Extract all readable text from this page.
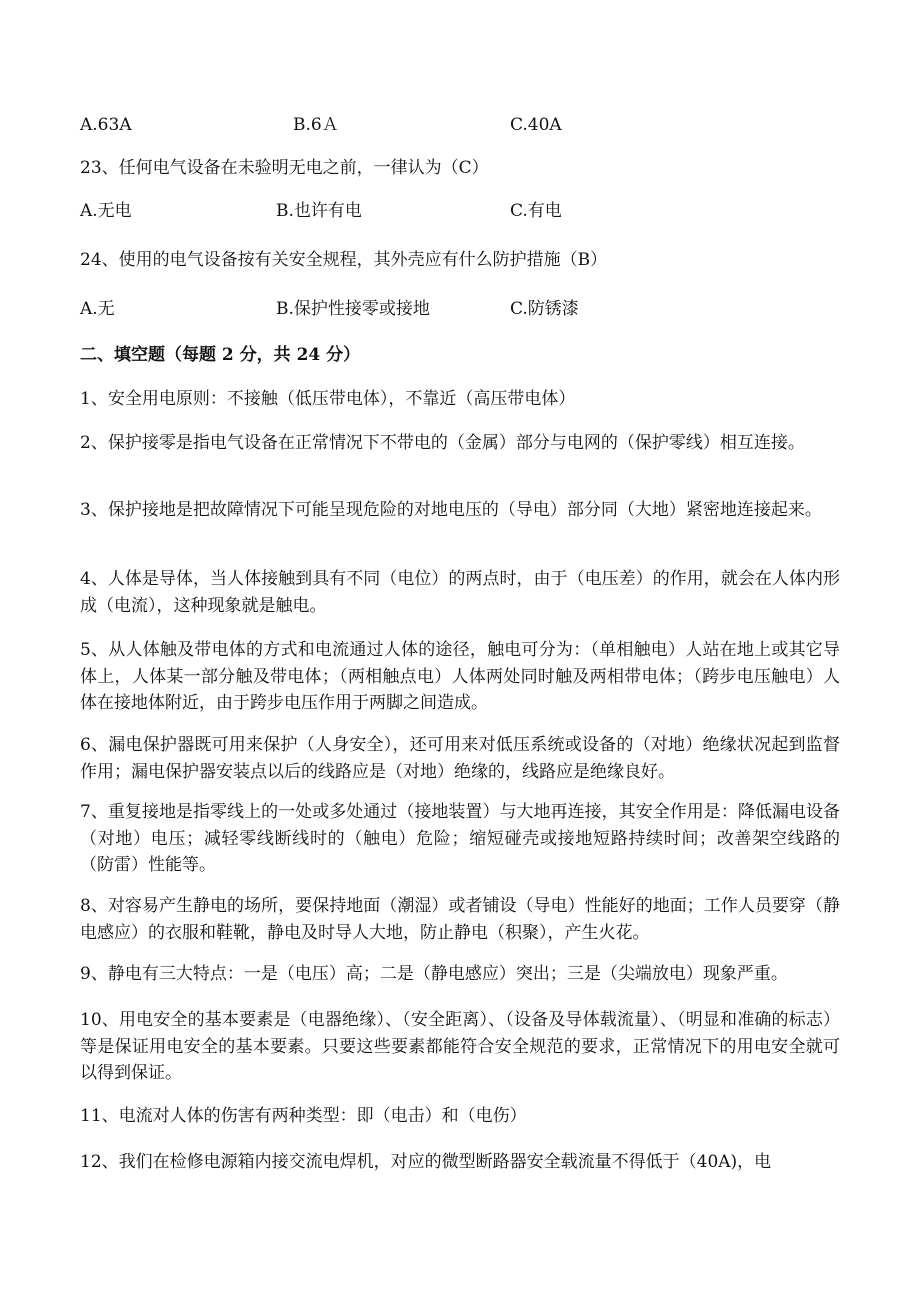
A.63A	B.6Ａ	C.40A
23、任何电气设备在未验明无电之前，一律认为（C）
A.无电	B.也许有电	C.有电
24、使用的电气设备按有关安全规程，其外壳应有什么防护措施（B）
A.无	B.保护性接零或接地	C.防锈漆
二、填空题（每题 2 分，共 24 分）
1、安全用电原则：不接触（低压带电体），不靠近（高压带电体）
2、保护接零是指电气设备在正常情况下不带电的（金属）部分与电网的（保护零线）相互连接。
3、保护接地是把故障情况下可能呈现危险的对地电压的（导电）部分同（大地）紧密地连接起来。
4、人体是导体，当人体接触到具有不同（电位）的两点时，由于（电压差）的作用，就会在人体内形成（电流），这种现象就是触电。
5、从人体触及带电体的方式和电流通过人体的途径，触电可分为：（单相触电）人站在地上或其它导体上，人体某一部分触及带电体；（两相触点电）人体两处同时触及两相带电体；（跨步电压触电）人体在接地体附近，由于跨步电压作用于两脚之间造成。
6、漏电保护器既可用来保护（人身安全），还可用来对低压系统或设备的（对地）绝缘状况起到监督作用；漏电保护器安装点以后的线路应是（对地）绝缘的，线路应是绝缘良好。
7、重复接地是指零线上的一处或多处通过（接地装置）与大地再连接，其安全作用是：降低漏电设备（对地）电压；减轻零线断线时的（触电）危险；缩短碰壳或接地短路持续时间；改善架空线路的（防雷）性能等。
8、对容易产生静电的场所，要保持地面（潮湿）或者铺设（导电）性能好的地面；工作人员要穿（静电感应）的衣服和鞋靴，静电及时导人大地，防止静电（积聚），产生火花。
9、静电有三大特点：一是（电压）高；二是（静电感应）突出；三是（尖端放电）现象严重。
10、用电安全的基本要素是（电器绝缘）、（安全距离）、（设备及导体载流量）、（明显和准确的标志）等是保证用电安全的基本要素。只要这些要素都能符合安全规范的要求，正常情况下的用电安全就可以得到保证。
11、电流对人体的伤害有两种类型：即（电击）和（电伤）
12、我们在检修电源箱内接交流电焊机，对应的微型断路器安全载流量不得低于（40A)，电
